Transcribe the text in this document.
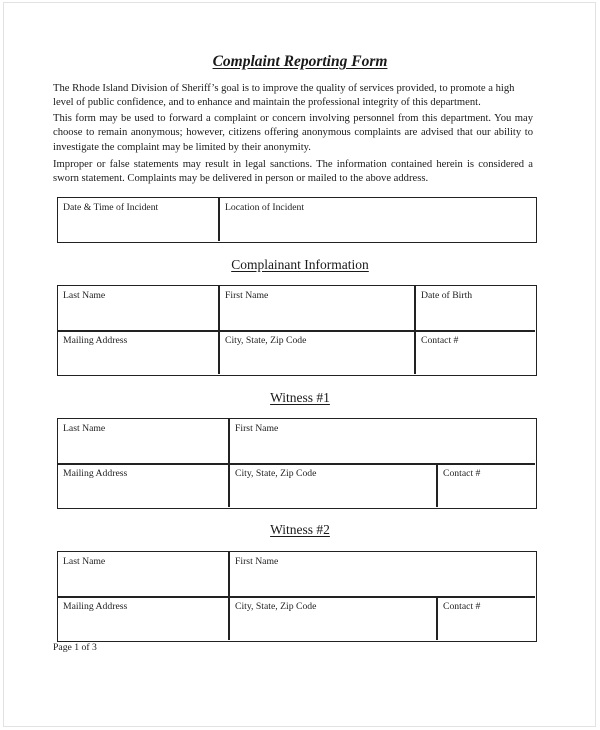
Complaint Reporting Form

The Rhode Island Division of Sheriff’s goal is to improve the quality of services provided, to promote a high level of public confidence, and to enhance and maintain the professional integrity of this department.

This form may be used to forward a complaint or concern involving personnel from this department. You may choose to remain anonymous; however, citizens offering anonymous complaints are advised that our ability to investigate the complaint may be limited by their anonymity.

Improper or false statements may result in legal sanctions. The information contained herein is considered a sworn statement. Complaints may be delivered in person or mailed to the above address.

Date & Time of Incident	Location of Incident
Complainant Information
Last Name	First Name	Date of Birth
Mailing Address	City, State, Zip Code	Contact #
Witness #1
Last Name	First Name
Mailing Address	City, State, Zip Code	Contact #
Witness #2
Last Name	First Name
Mailing Address	City, State, Zip Code	Contact #
Page 1 of 3
